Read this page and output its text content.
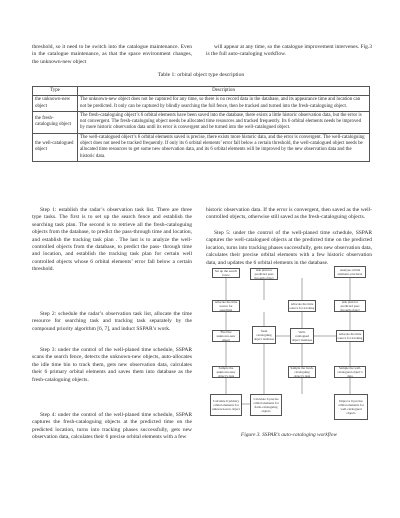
threshold, so it need to be switch into the catalogue maintenance. Even in the catalogue maintenance, as that the space environment changes, the unknown-new object
will appear at any time, so the catalogue improvement intervenes. Fig.3 is the full auto-cataloging workflow.
Table 1: orbital object type description
Type	Description
the unknown-new object	The unknown-new object does not be captured for any time, so there is no record data in the database, and its appearance time and location can not be predicted. It only can be captured by blindly searching the full fence, then be tracked and turned into the fresh-cataloguing object.
the fresh-cataloguing object	The fresh-cataloguing object’s 6 orbital elements have been saved into the database, there exists a little historic observation data, but the error is not convergent. The fresh-cataloguing object needs be allocated time resources and tracked frequently. Its 6 orbital elements needs be improved by more historic observation data until its error is convergent and be turned into the well-catalogued object.
the well-catalogued object	The well-catalogued object’s 6 orbital elements saved is precise, there exists more historic data, and the error is convergent. The well-cataloguing object does not need be tracked frequently. If only its 6 orbital elements’ error fall below a certain threshold, the well-catalogued object needs be allocated time resources to get some new observation data, and its 6 orbital elements will be improved by the new observation data and the historic data.
Step 1: establish the radar’s observation task list. There are three type tasks. The first is to set up the search fence and establish the searching task plan. The second is to retrieve all the fresh-cataloguing objects from the database, to predict the pass-through time and location, and establish the tracking task plan . The last is to analyze the well-controlled objects from the database, to predict the pass- through time and location, and establish the tracking task plan for certain well controlled objects whose 6 orbital elements’ error fall below a certain threshold.
Step 2: schedule the radar’s observation task list, allocate the time resource for searching task and tracking task separately by the compound priority algorithm [6, 7], and induct SSPAR’s work.
Step 3: under the control of the well-planed time schedule, SSPAR scans the search fence, detects the unknown-new objects, auto-allocates the idle time bin to track them, gets new observation data, calculates their 6 primary orbital elements and saves them into database as the fresh-cataloguing objects.
Step 4: under the control of the well-planed time schedule, SSPAR captures the fresh-cataloguing objects at the predicted time on the predicted location, turns into tracking phases successfully, gets new observation data, calculates their 6 precise orbital elements with a few
historic observation data. If the error is convergent, then saved as the well-controlled objects, otherwise still saved as the fresh-cataloguing objects.
Step 5: under the control of the well-planed time schedule, SSPAR captures the well-catalogued objects at the predicted time on the predicted location, turns into tracking phases successfully, gets new observation data, calculates their precise orbital elements with a few historic observation data, and updates the 6 orbital elements in the database.
Set up the search fence
Allocate the time source for searching
Find the unknown-new object
Sample the unknown-new object’s data
Calculate 6 primary orbital elements for unknown-new object
task plan for predicted pass through object
fresh cataloguing object database
Allocate the time source for tracking
Well-catalogued object database
Sample the fresh-cataloguing object’s data
Calculate 6 precise orbital elements for fresh-cataloguing objects
Analyze orbital elements precision
task plan for predicted pass through object
Allocate the time source for tracking
Sample the well-catalogued object’s data
Improve 6 precise orbital elements for well-catalogued objects
Figure 3. SSPAR’s auto-cataloging workflow
